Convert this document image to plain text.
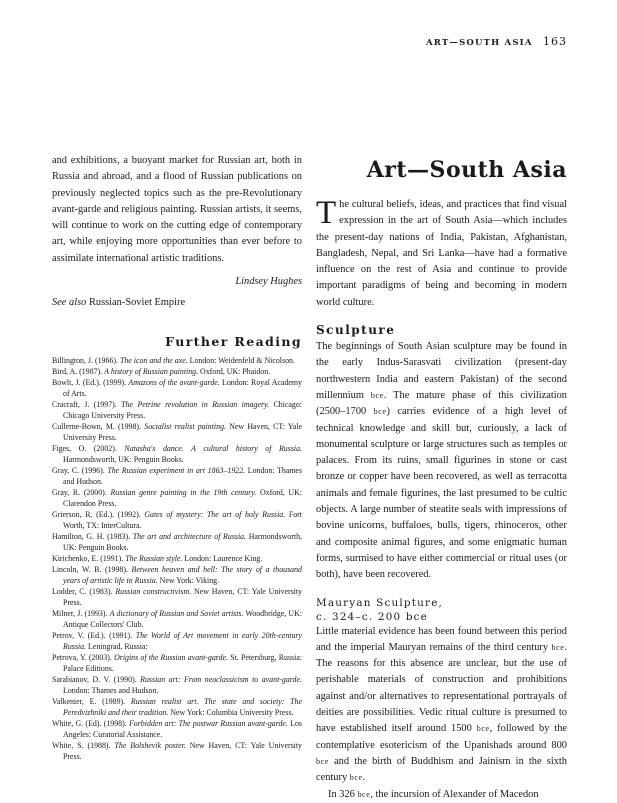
ART—SOUTH ASIA 163

and exhibitions, a buoyant market for Russian art, both in Russia and abroad, and a flood of Russian publications on previously neglected topics such as the pre-Revolutionary avant-garde and religious painting. Russian artists, it seems, will continue to work on the cutting edge of contemporary art, while enjoying more opportunities than ever before to assimilate international artistic traditions.

Lindsey Hughes

See also Russian-Soviet Empire

Further Reading
Billington, J. (1966). The icon and the axe. London: Weidenfeld & Nicolson.
Bird, A. (1987). A history of Russian painting. Oxford, UK: Phaidon.
Bowlt, J. (Ed.). (1999). Amazons of the avant-garde. London: Royal Academy of Arts.
Cracraft, J. (1997). The Petrine revolution in Russian imagery. Chicago: Chicago University Press.
Cullerne-Bown, M. (1998). Socialist realist painting. New Haven, CT: Yale University Press.
Figes, O. (2002). Natasha's dance. A cultural history of Russia. Harmondsworth, UK: Penguin Books.
Gray, C. (1996). The Russian experiment in art 1863–1922. London: Thames and Hudson.
Gray, R. (2000). Russian genre painting in the 19th century. Oxford, UK: Clarendon Press.
Grierson, R. (Ed.). (1992). Gates of mystery: The art of holy Russia. Fort Worth, TX: InterCultura.
Hamilton, G. H. (1983). The art and architecture of Russia. Harmondsworth, UK: Penguin Books.
Kirichenko, E. (1991). The Russian style. London: Laurence King.
Lincoln, W. B. (1998). Between heaven and hell: The story of a thousand years of artistic life in Russia. New York: Viking.
Lodder, C. (1983). Russian constructivism. New Haven, CT: Yale University Press.
Milner, J. (1993). A dictionary of Russian and Soviet artists. Woodbridge, UK: Antique Collectors' Club.
Petrov, V. (Ed.). (1991). The World of Art movement in early 20th-century Russia. Leningrad, Russia:
Petrova, Y. (2003). Origins of the Russian avant-garde. St. Petersburg, Russia: Palace Editions.
Sarabianov, D. V. (1990). Russian art: From neoclassicism to avant-garde. London: Thames and Hudson.
Valkenier, E. (1989). Russian realist art. The state and society: The Peredvizhniki and their tradition. New York: Columbia University Press.
White, G. (Ed). (1998). Forbidden art: The postwar Russian avant-garde. Los Angeles: Curatorial Assistance.
White, S. (1988). The Bolshevik poster. New Haven, CT: Yale University Press.
Art—South Asia

The cultural beliefs, ideas, and practices that find visual expression in the art of South Asia—which includes the present-day nations of India, Pakistan, Afghanistan, Bangladesh, Nepal, and Sri Lanka—have had a formative influence on the rest of Asia and continue to provide important paradigms of being and becoming in modern world culture.

Sculpture

The beginnings of South Asian sculpture may be found in the early Indus-Sarasvati civilization (present-day northwestern India and eastern Pakistan) of the second millennium bce. The mature phase of this civilization (2500–1700 bce) carries evidence of a high level of technical knowledge and skill but, curiously, a lack of monumental sculpture or large structures such as temples or palaces. From its ruins, small figurines in stone or cast bronze or copper have been recovered, as well as terracotta animals and female figurines, the last presumed to be cultic objects. A large number of steatite seals with impressions of bovine unicorns, buffaloes, bulls, tigers, rhinoceros, other and composite animal figures, and some enigmatic human forms, surmised to have either commercial or ritual uses (or both), have been recovered.

Mauryan Sculpture,
c. 324–c. 200 bce

Little material evidence has been found between this period and the imperial Mauryan remains of the third century bce. The reasons for this absence are unclear, but the use of perishable materials of construction and prohibitions against and/or alternatives to representational portrayals of deities are possibilities. Vedic ritual culture is presumed to have established itself around 1500 bce, followed by the contemplative esotericism of the Upanishads around 800 bce and the birth of Buddhism and Jainism in the sixth century bce.

In 326 bce, the incursion of Alexander of Macedon
